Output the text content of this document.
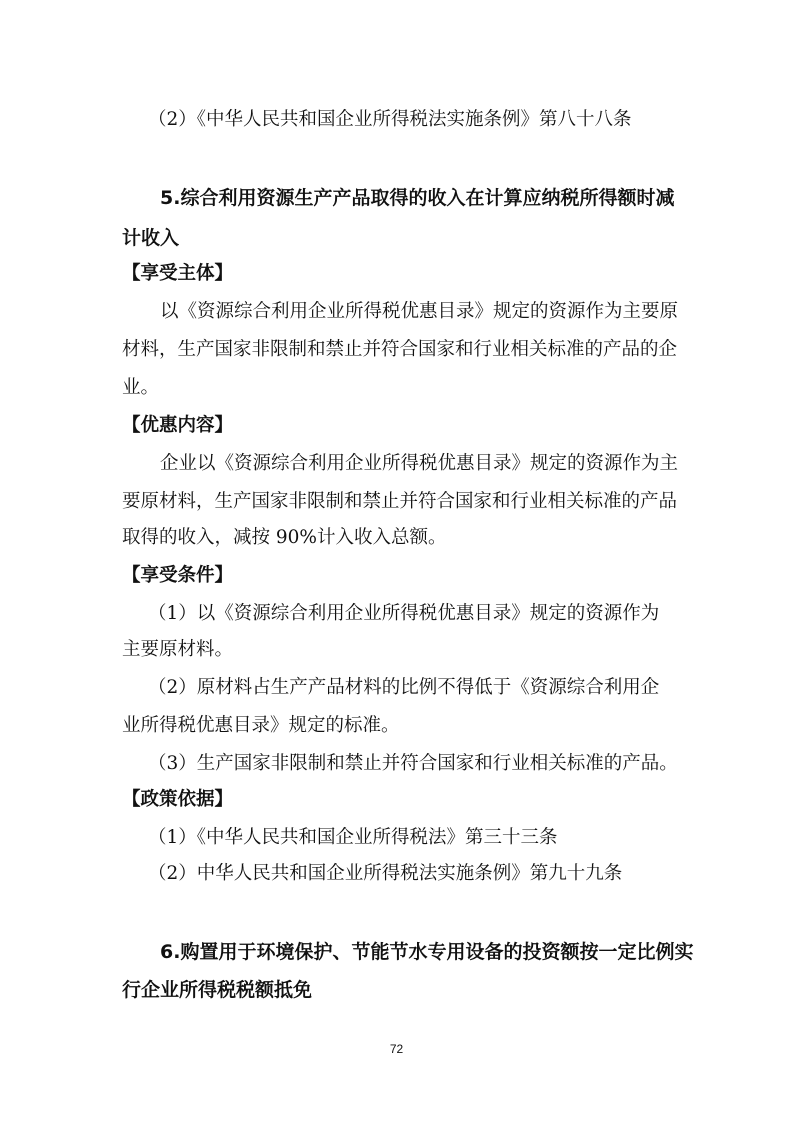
（2）《中华人民共和国企业所得税法实施条例》第八十八条
5.综合利用资源生产产品取得的收入在计算应纳税所得额时减
计收入
【享受主体】
以《资源综合利用企业所得税优惠目录》规定的资源作为主要原
材料，生产国家非限制和禁止并符合国家和行业相关标准的产品的企
业。
【优惠内容】
企业以《资源综合利用企业所得税优惠目录》规定的资源作为主
要原材料，生产国家非限制和禁止并符合国家和行业相关标准的产品
取得的收入，减按 90%计入收入总额。
【享受条件】
（1）以《资源综合利用企业所得税优惠目录》规定的资源作为
主要原材料。
（2）原材料占生产产品材料的比例不得低于《资源综合利用企
业所得税优惠目录》规定的标准。
（3）生产国家非限制和禁止并符合国家和行业相关标准的产品。
【政策依据】
（1）《中华人民共和国企业所得税法》第三十三条
（2）中华人民共和国企业所得税法实施条例》第九十九条
6.购置用于环境保护、节能节水专用设备的投资额按一定比例实
行企业所得税税额抵免
72
